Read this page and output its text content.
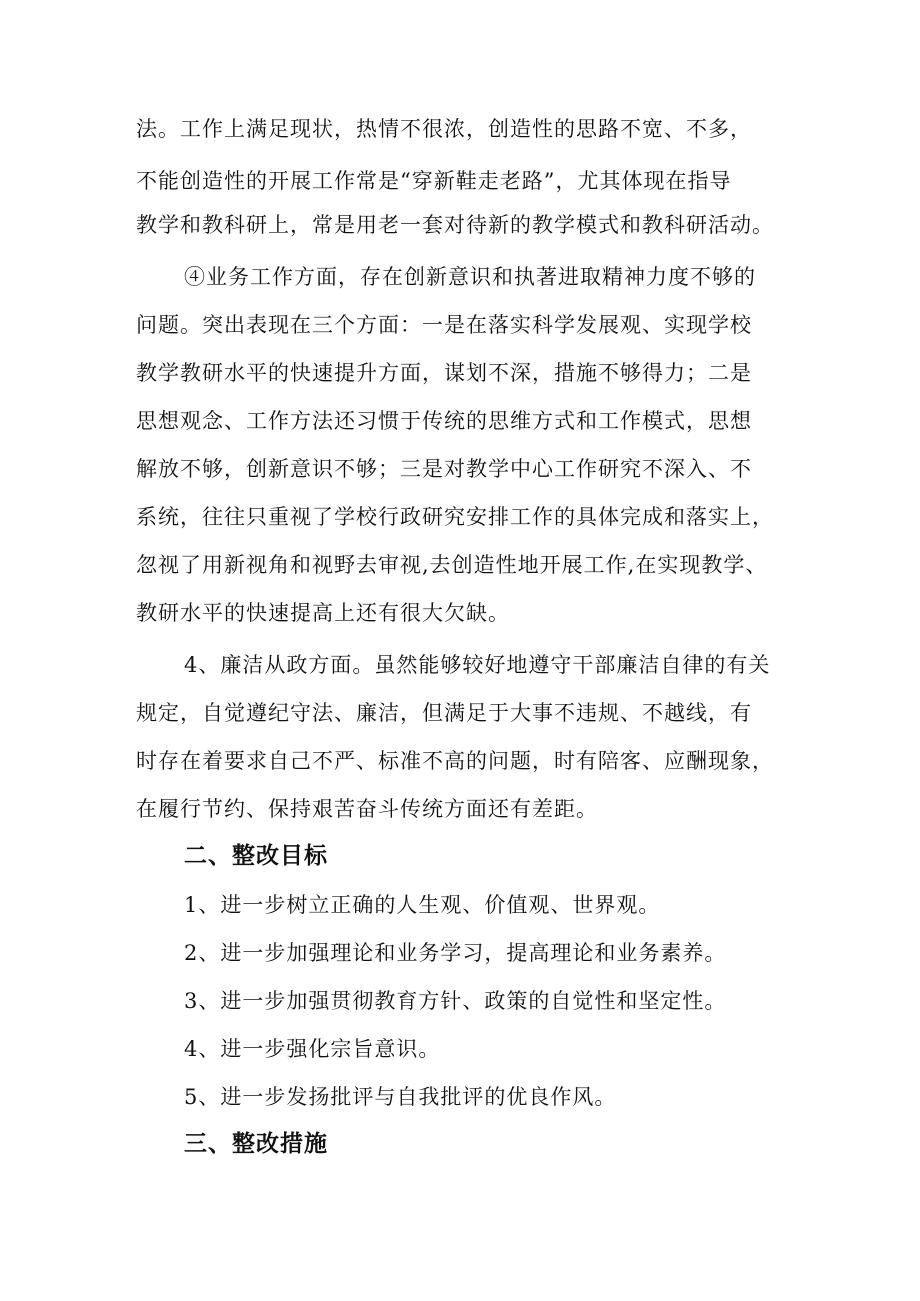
法。工作上满足现状，热情不很浓，创造性的思路不宽、不多，
不能创造性的开展工作常是“穿新鞋走老路”，尤其体现在指导
教学和教科研上，常是用老一套对待新的教学模式和教科研活动。
④业务工作方面，存在创新意识和执著进取精神力度不够的
问题。突出表现在三个方面：一是在落实科学发展观、实现学校
教学教研水平的快速提升方面，谋划不深，措施不够得力；二是
思想观念、工作方法还习惯于传统的思维方式和工作模式，思想
解放不够，创新意识不够；三是对教学中心工作研究不深入、不
系统，往往只重视了学校行政研究安排工作的具体完成和落实上，
忽视了用新视角和视野去审视,去创造性地开展工作,在实现教学、
教研水平的快速提高上还有很大欠缺。
4、廉洁从政方面。虽然能够较好地遵守干部廉洁自律的有关
规定，自觉遵纪守法、廉洁，但满足于大事不违规、不越线，有
时存在着要求自己不严、标准不高的问题，时有陪客、应酬现象，
在履行节约、保持艰苦奋斗传统方面还有差距。
二、整改目标
1、进一步树立正确的人生观、价值观、世界观。
2、进一步加强理论和业务学习，提高理论和业务素养。
3、进一步加强贯彻教育方针、政策的自觉性和坚定性。
4、进一步强化宗旨意识。
5、进一步发扬批评与自我批评的优良作风。
三、整改措施
